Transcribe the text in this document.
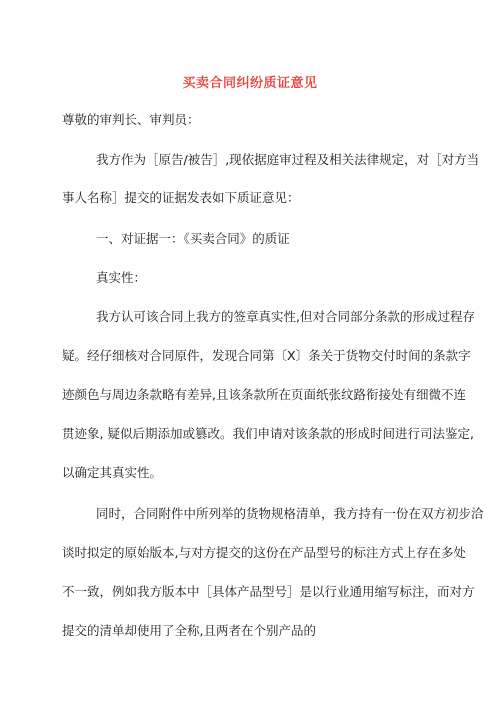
买卖合同纠纷质证意见
尊敬的审判长、审判员：
我方作为［原告/被告］,现依据庭审过程及相关法律规定，对［对方当
事人名称］提交的证据发表如下质证意见：
一、对证据一：《买卖合同》的质证
真实性：
我方认可该合同上我方的签章真实性,但对合同部分条款的形成过程存
疑。经仔细核对合同原件，发现合同第〔X〕条关于货物交付时间的条款字
迹颜色与周边条款略有差异,且该条款所在页面纸张纹路衔接处有细微不连
贯迹象, 疑似后期添加或篡改。我们申请对该条款的形成时间进行司法鉴定,
以确定其真实性。
同时，合同附件中所列举的货物规格清单，我方持有一份在双方初步洽
谈时拟定的原始版本,与对方提交的这份在产品型号的标注方式上存在多处
不一致，例如我方版本中［具体产品型号］是以行业通用缩写标注，而对方
提交的清单却使用了全称,且两者在个别产品的
